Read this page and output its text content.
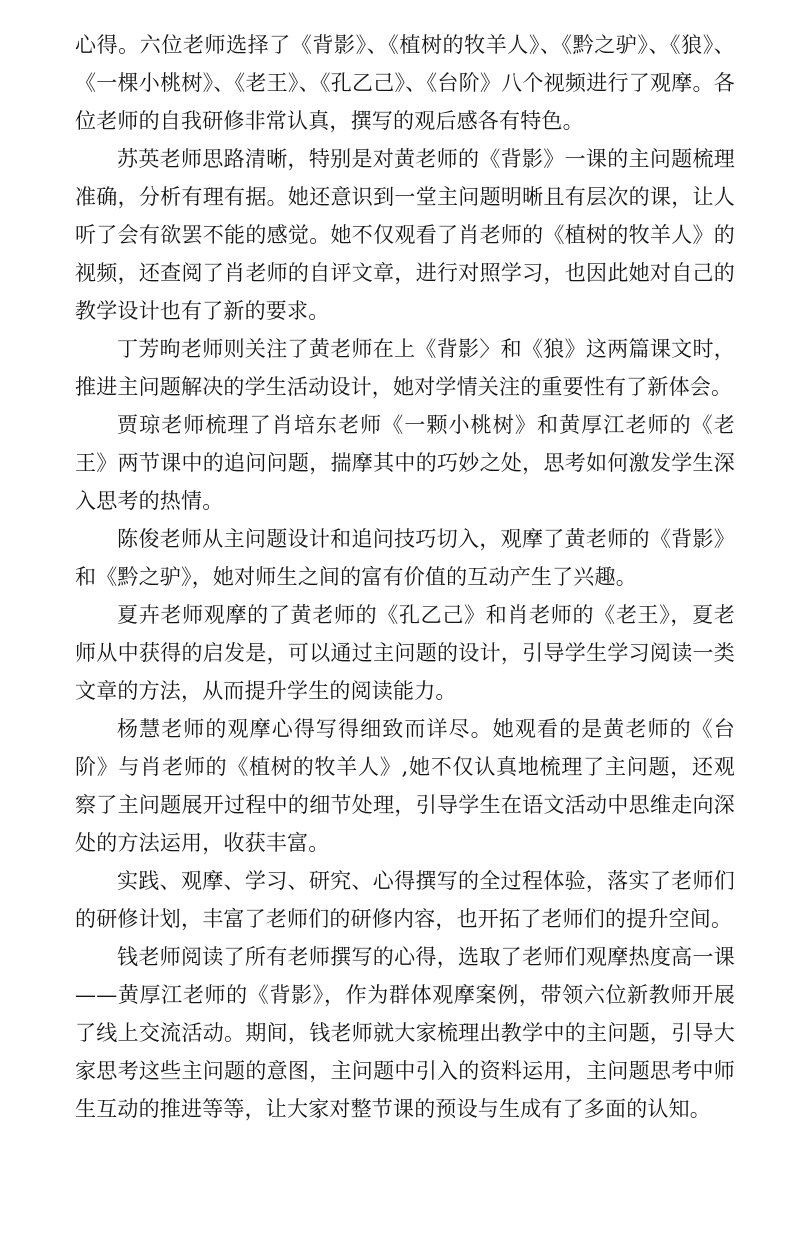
心得。六位老师选择了《背影》、《植树的牧羊人》、《黔之驴》、《狼》、《一棵小桃树》、《老王》、《孔乙己》、《台阶》八个视频进行了观摩。各位老师的自我研修非常认真，撰写的观后感各有特色。

苏英老师思路清晰，特别是对黄老师的《背影》一课的主问题梳理准确，分析有理有据。她还意识到一堂主问题明晰且有层次的课，让人听了会有欲罢不能的感觉。她不仅观看了肖老师的《植树的牧羊人》的视频，还查阅了肖老师的自评文章，进行对照学习，也因此她对自己的教学设计也有了新的要求。

丁芳昫老师则关注了黄老师在上《背影〉和《狼》这两篇课文时，推进主问题解决的学生活动设计，她对学情关注的重要性有了新体会。

贾琼老师梳理了肖培东老师《一颗小桃树》和黄厚江老师的《老王》两节课中的追问问题，揣摩其中的巧妙之处，思考如何激发学生深入思考的热情。

陈俊老师从主问题设计和追问技巧切入，观摩了黄老师的《背影》和《黔之驴》，她对师生之间的富有价值的互动产生了兴趣。

夏卉老师观摩的了黄老师的《孔乙己》和肖老师的《老王》，夏老师从中获得的启发是，可以通过主问题的设计，引导学生学习阅读一类文章的方法，从而提升学生的阅读能力。

杨慧老师的观摩心得写得细致而详尽。她观看的是黄老师的《台阶》与肖老师的《植树的牧羊人》,她不仅认真地梳理了主问题，还观察了主问题展开过程中的细节处理，引导学生在语文活动中思维走向深处的方法运用，收获丰富。

实践、观摩、学习、研究、心得撰写的全过程体验，落实了老师们的研修计划，丰富了老师们的研修内容，也开拓了老师们的提升空间。

钱老师阅读了所有老师撰写的心得，选取了老师们观摩热度高一课——黄厚江老师的《背影》，作为群体观摩案例，带领六位新教师开展了线上交流活动。期间，钱老师就大家梳理出教学中的主问题，引导大家思考这些主问题的意图，主问题中引入的资料运用，主问题思考中师生互动的推进等等，让大家对整节课的预设与生成有了多面的认知。
